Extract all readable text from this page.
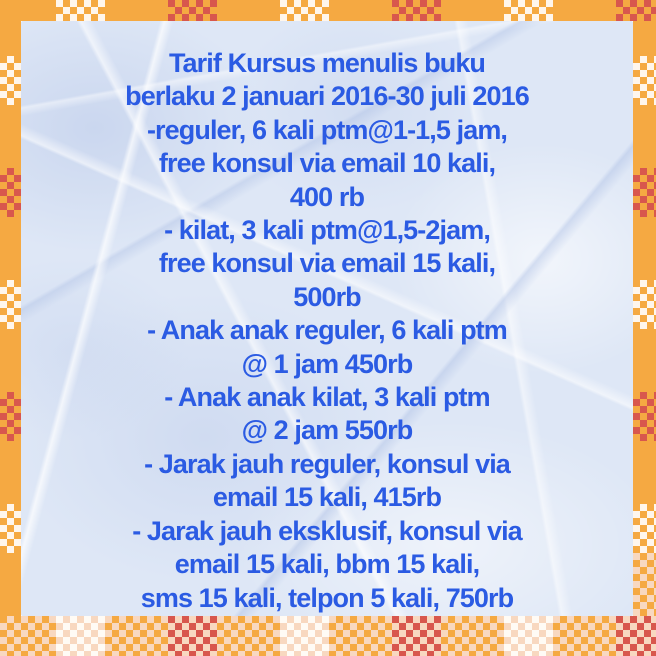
Tarif Kursus menulis buku
berlaku 2 januari 2016-30 juli 2016
-reguler, 6 kali ptm@1-1,5 jam,
free konsul via email 10 kali,
400 rb
- kilat, 3 kali ptm@1,5-2jam,
free konsul via email 15 kali,
500rb
- Anak anak reguler, 6 kali ptm
@ 1 jam 450rb
- Anak anak kilat, 3 kali ptm
@ 2 jam 550rb
- Jarak jauh reguler, konsul via
email 15 kali, 415rb
- Jarak jauh eksklusif, konsul via
email 15 kali, bbm 15 kali,
sms 15 kali, telpon 5 kali, 750rb
